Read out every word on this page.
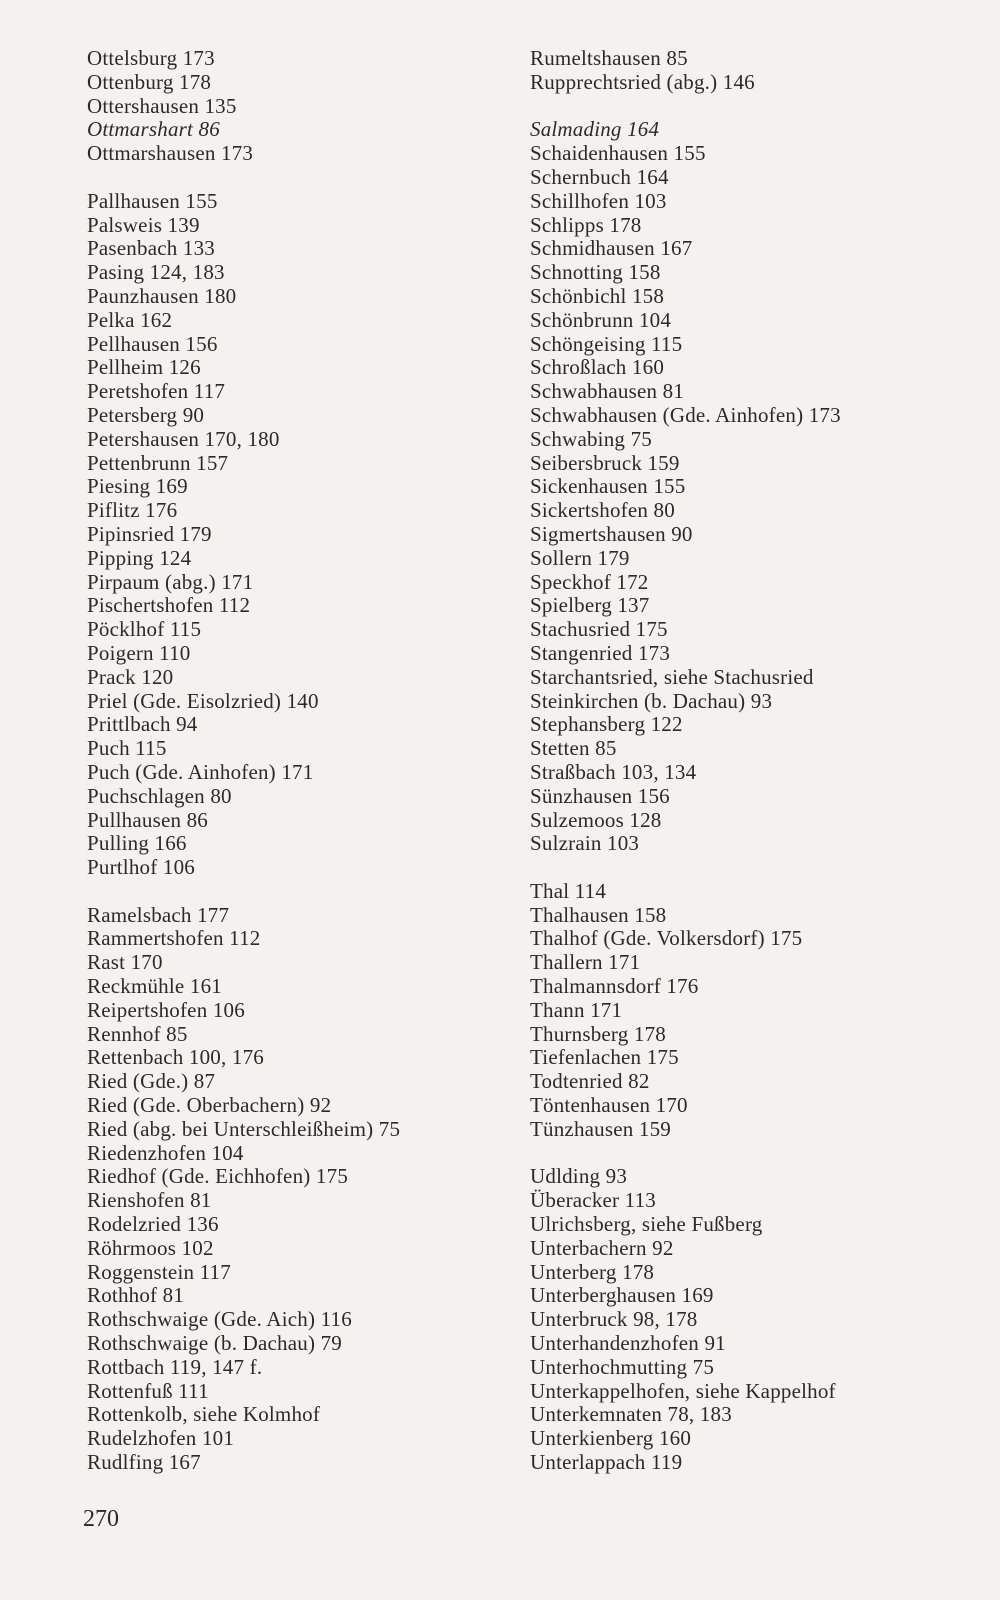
Ottelsburg 173
Ottenburg 178
Ottershausen 135
Ottmarshart 86
Ottmarshausen 173
Pallhausen 155
Palsweis 139
Pasenbach 133
Pasing 124, 183
Paunzhausen 180
Pelka 162
Pellhausen 156
Pellheim 126
Peretshofen 117
Petersberg 90
Petershausen 170, 180
Pettenbrunn 157
Piesing 169
Piflitz 176
Pipinsried 179
Pipping 124
Pirpaum (abg.) 171
Pischertshofen 112
Pöcklhof 115
Poigern 110
Prack 120
Priel (Gde. Eisolzried) 140
Prittlbach 94
Puch 115
Puch (Gde. Ainhofen) 171
Puchschlagen 80
Pullhausen 86
Pulling 166
Purtlhof 106
Ramelsbach 177
Rammertshofen 112
Rast 170
Reckmühle 161
Reipertshofen 106
Rennhof 85
Rettenbach 100, 176
Ried (Gde.) 87
Ried (Gde. Oberbachern) 92
Ried (abg. bei Unterschleißheim) 75
Riedenzhofen 104
Riedhof (Gde. Eichhofen) 175
Rienshofen 81
Rodelzried 136
Röhrmoos 102
Roggenstein 117
Rothhof 81
Rothschwaige (Gde. Aich) 116
Rothschwaige (b. Dachau) 79
Rottbach 119, 147 f.
Rottenfuß 111
Rottenkolb, siehe Kolmhof
Rudelzhofen 101
Rudlfing 167
Rumeltshausen 85
Rupprechtsried (abg.) 146
Salmading 164
Schaidenhausen 155
Schernbuch 164
Schillhofen 103
Schlipps 178
Schmidhausen 167
Schnotting 158
Schönbichl 158
Schönbrunn 104
Schöngeising 115
Schroßlach 160
Schwabhausen 81
Schwabhausen (Gde. Ainhofen) 173
Schwabing 75
Seibersbruck 159
Sickenhausen 155
Sickertshofen 80
Sigmertshausen 90
Sollern 179
Speckhof 172
Spielberg 137
Stachusried 175
Stangenried 173
Starchantsried, siehe Stachusried
Steinkirchen (b. Dachau) 93
Stephansberg 122
Stetten 85
Straßbach 103, 134
Sünzhausen 156
Sulzemoos 128
Sulzrain 103
Thal 114
Thalhausen 158
Thalhof (Gde. Volkersdorf) 175
Thallern 171
Thalmannsdorf 176
Thann 171
Thurnsberg 178
Tiefenlachen 175
Todtenried 82
Töntenhausen 170
Tünzhausen 159
Udlding 93
Überacker 113
Ulrichsberg, siehe Fußberg
Unterbachern 92
Unterberg 178
Unterberghausen 169
Unterbruck 98, 178
Unterhandenzhofen 91
Unterhochmutting 75
Unterkappelhofen, siehe Kappelhof
Unterkemnaten 78, 183
Unterkienberg 160
Unterlappach 119
270
